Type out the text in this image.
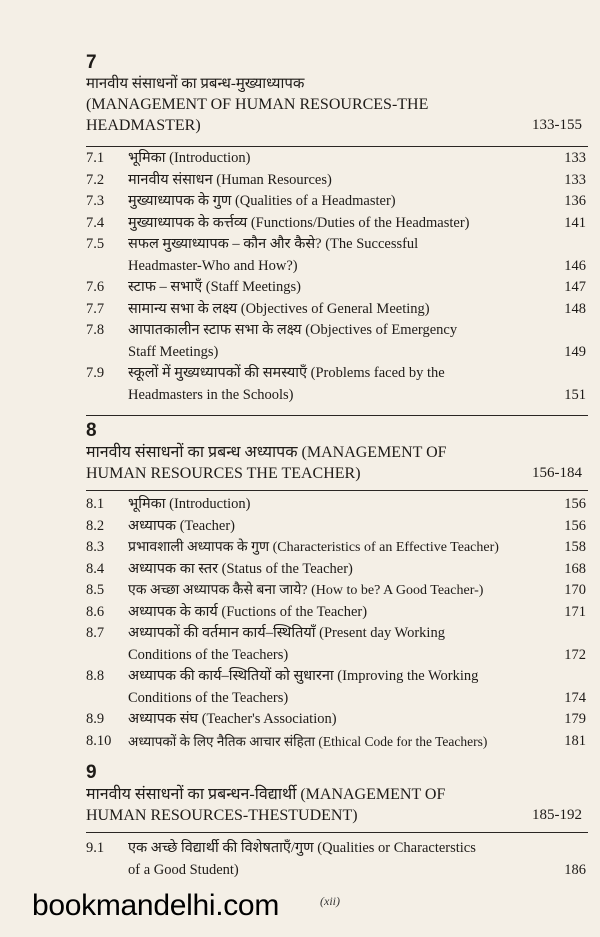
7
मानवीय संसाधनों का प्रबन्ध-मुख्याध्यापक
(MANAGEMENT OF HUMAN RESOURCES-THE
HEADMASTER)	133-155
7.1	भूमिका (Introduction)	133
7.2	मानवीय संसाधन (Human Resources)	133
7.3	मुख्याध्यापक के गुण (Qualities of a Headmaster)	136
7.4	मुख्याध्यापक के कर्त्तव्य (Functions/Duties of the Headmaster)	141
7.5	सफल मुख्याध्यापक – कौन और कैसे? (The Successful
Headmaster-Who and How?)	146
7.6	स्टाफ – सभाएँ (Staff Meetings)	147
7.7	सामान्य सभा के लक्ष्य (Objectives of General Meeting)	148
7.8	आपातकालीन स्टाफ सभा के लक्ष्य (Objectives of Emergency
Staff Meetings)	149
7.9	स्कूलों में मुख्यध्यापकों की समस्याएँ (Problems faced by the
Headmasters in the Schools)	151
8
मानवीय संसाधनों का प्रबन्ध अध्यापक (MANAGEMENT OF
HUMAN RESOURCES THE TEACHER)	156-184
8.1	भूमिका (Introduction)	156
8.2	अध्यापक (Teacher)	156
8.3	प्रभावशाली अध्यापक के गुण (Characteristics of an Effective Teacher)	158
8.4	अध्यापक का स्तर (Status of the Teacher)	168
8.5	एक अच्छा अध्यापक कैसे बना जाये? (How to be? A Good Teacher-)	170
8.6	अध्यापक के कार्य (Fuctions of the Teacher)	171
8.7	अध्यापकों की वर्तमान कार्य–स्थितियाँ (Present day Working
Conditions of the Teachers)	172
8.8	अध्यापक की कार्य–स्थितियों को सुधारना (Improving the Working
Conditions of the Teachers)	174
8.9	अध्यापक संघ (Teacher's Association)	179
8.10	अध्यापकों के लिए नैतिक आचार संहिता (Ethical Code for the Teachers)	181
9
मानवीय संसाधनों का प्रबन्धन-विद्यार्थी (MANAGEMENT OF
HUMAN RESOURCES-THESTUDENT)	185-192
9.1	एक अच्छे विद्यार्थी की विशेषताएँ/गुण (Qualities or Characterstics
of a Good Student)	186
bookmandelhi.com	(xii)
